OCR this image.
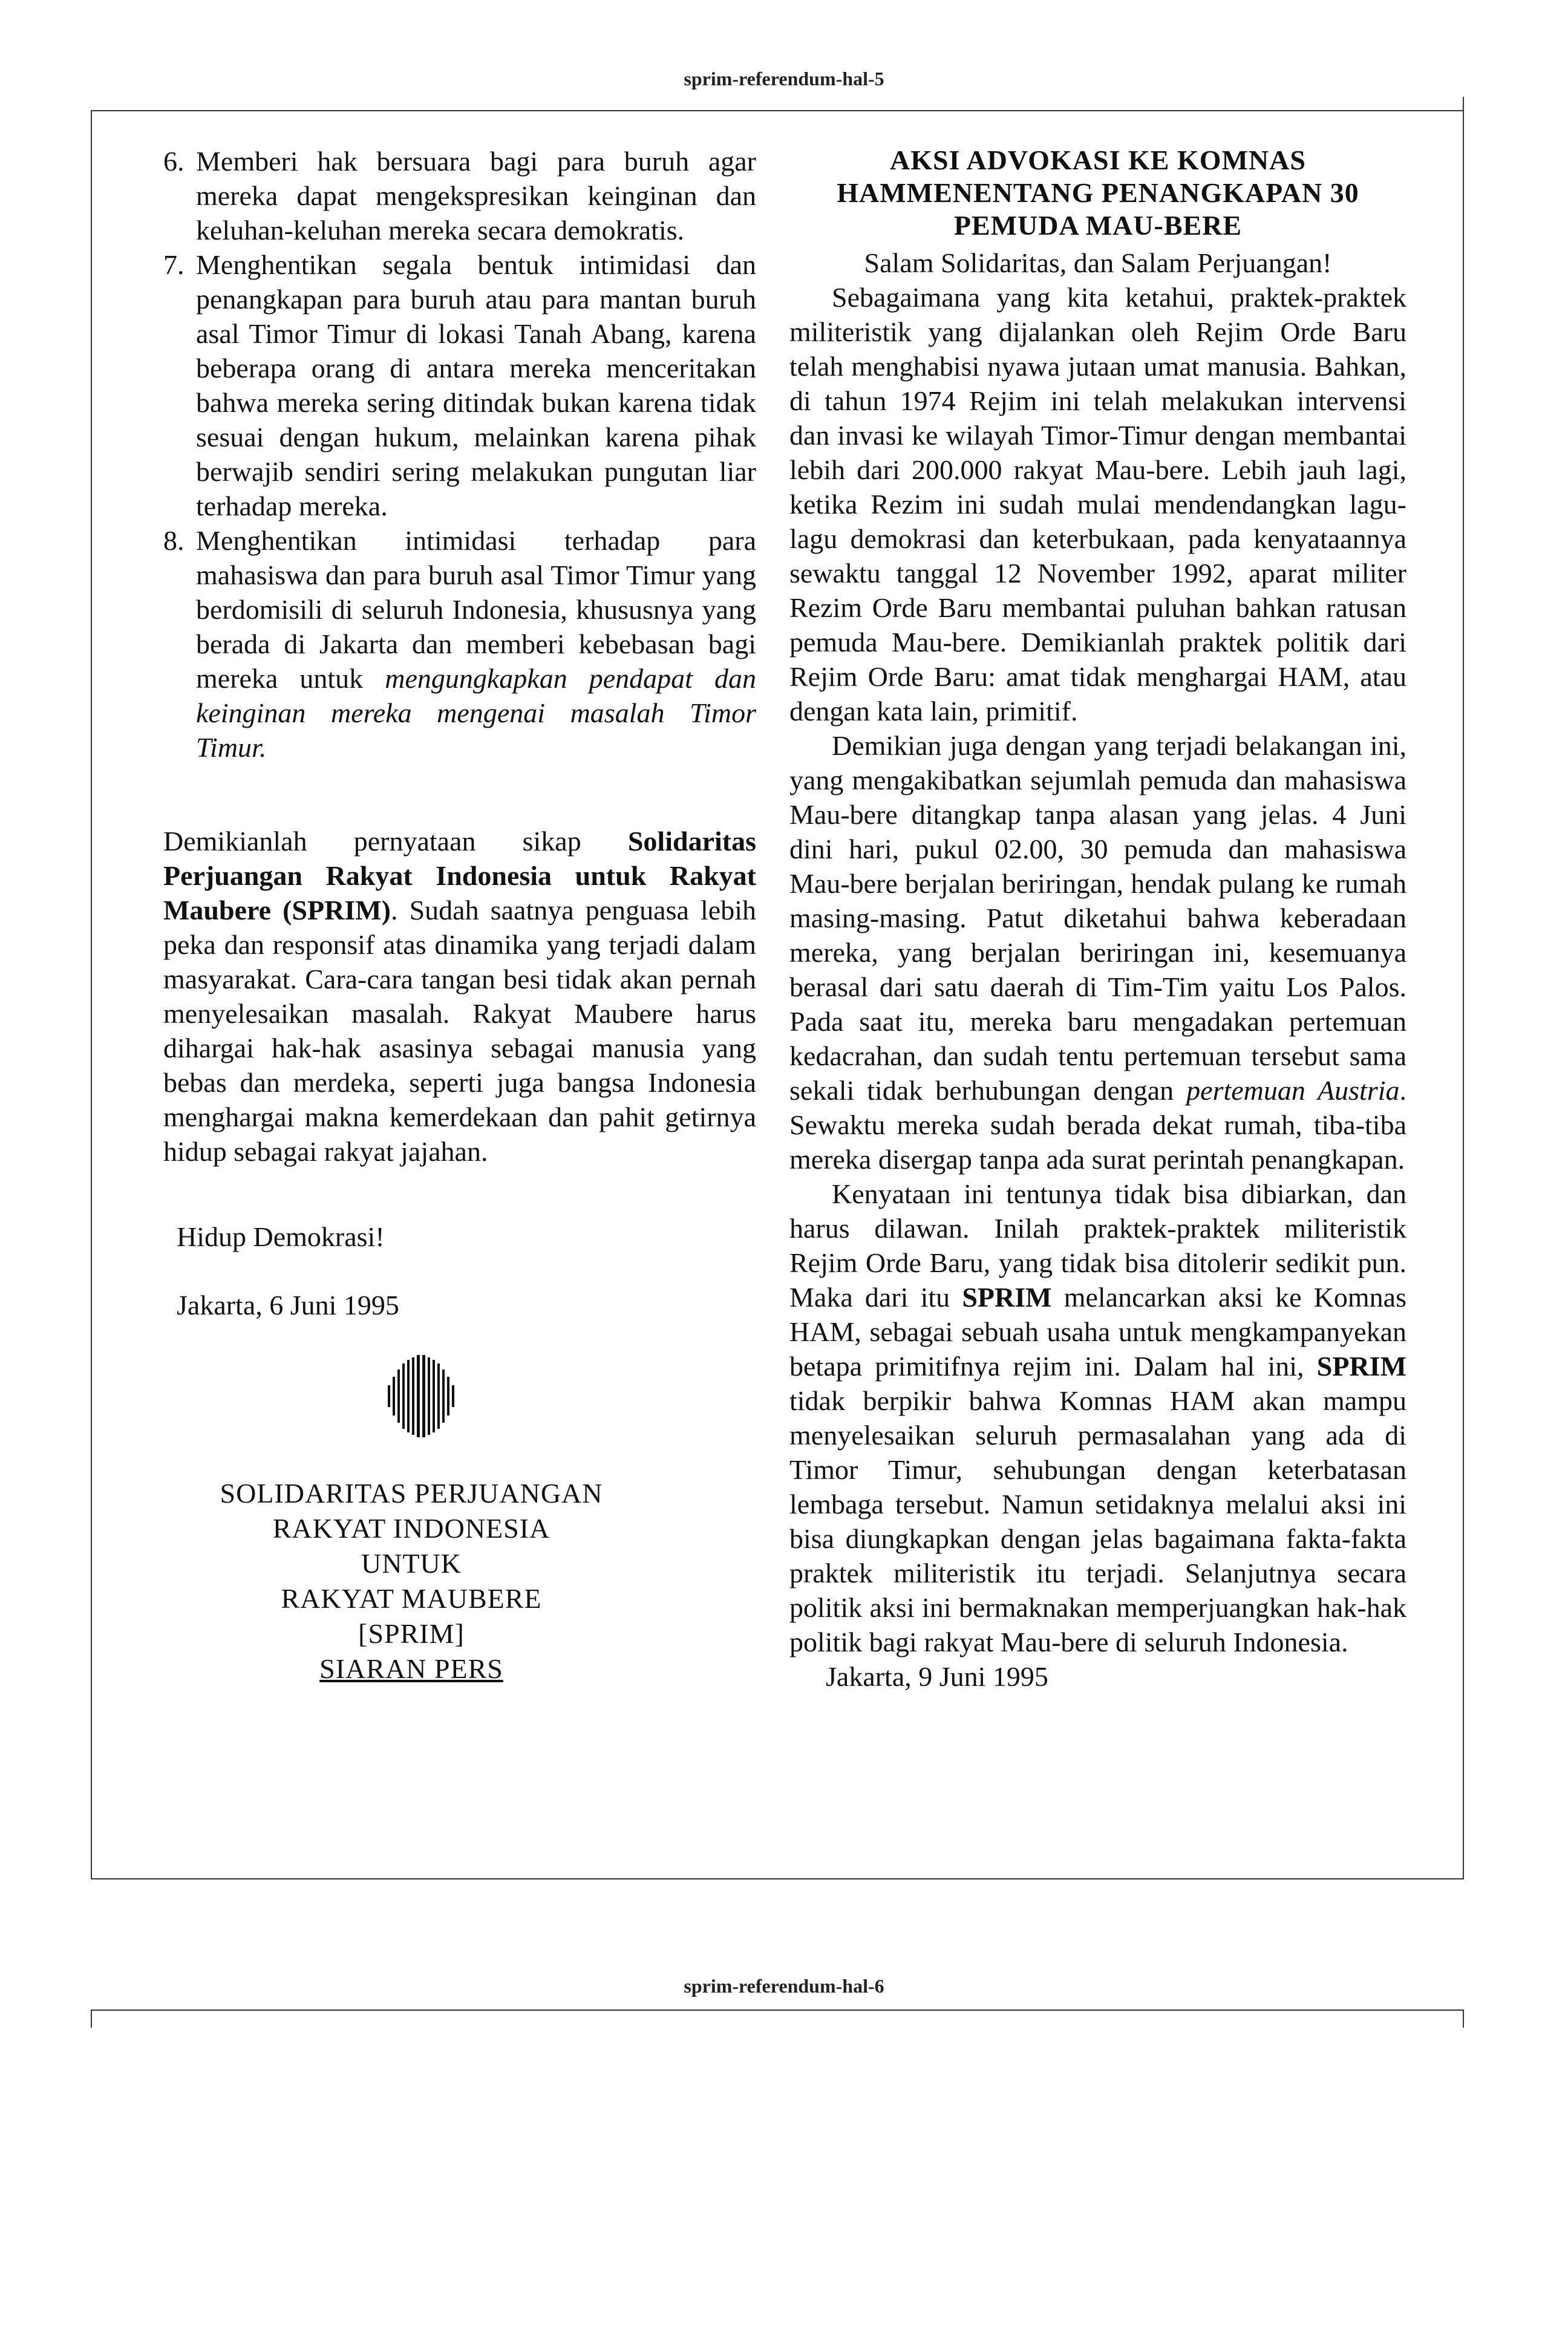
sprim-referendum-hal-5
sprim-referendum-hal-6
6. Memberi hak bersuara bagi para buruh agar mereka dapat mengekspresikan keinginan dan keluhan-keluhan mereka secara demokratis.
7. Menghentikan segala bentuk intimidasi dan penangkapan para buruh atau para mantan buruh asal Timor Timur di lokasi Tanah Abang, karena beberapa orang di antara mereka menceritakan bahwa mereka sering ditindak bukan karena tidak sesuai dengan hukum, melainkan karena pihak berwajib sendiri sering melakukan pungutan liar terhadap mereka.
8. Menghentikan intimidasi terhadap para mahasiswa dan para buruh asal Timor Timur yang berdomisili di seluruh Indonesia, khususnya yang berada di Jakarta dan memberi kebebasan bagi mereka untuk mengungkapkan pendapat dan keinginan mereka mengenai masalah Timor Timur.

Demikianlah pernyataan sikap Solidaritas Perjuangan Rakyat Indonesia untuk Rakyat Maubere (SPRIM). Sudah saatnya penguasa lebih peka dan responsif atas dinamika yang terjadi dalam masyarakat. Cara-cara tangan besi tidak akan pernah menyelesaikan masalah. Rakyat Maubere harus dihargai hak-hak asasinya sebagai manusia yang bebas dan merdeka, seperti juga bangsa Indonesia menghargai makna kemerdekaan dan pahit getirnya hidup sebagai rakyat jajahan.

Hidup Demokrasi!

Jakarta, 6 Juni 1995

SOLIDARITAS PERJUANGAN
RAKYAT INDONESIA
UNTUK
RAKYAT MAUBERE
[SPRIM]
SIARAN PERS

AKSI ADVOKASI KE KOMNAS

HAMMENENTANG PENANGKAPAN 30

PEMUDA MAU-BERE

Salam Solidaritas, dan Salam Perjuangan!

Sebagaimana yang kita ketahui, praktek-praktek militeristik yang dijalankan oleh Rejim Orde Baru telah menghabisi nyawa jutaan umat manusia. Bahkan, di tahun 1974 Rejim ini telah melakukan intervensi dan invasi ke wilayah Timor-Timur dengan membantai lebih dari 200.000 rakyat Mau-bere. Lebih jauh lagi, ketika Rezim ini sudah mulai mendendangkan lagu-lagu demokrasi dan keterbukaan, pada kenyataannya sewaktu tanggal 12 November 1992, aparat militer Rezim Orde Baru membantai puluhan bahkan ratusan pemuda Mau-bere. Demikianlah praktek politik dari Rejim Orde Baru: amat tidak menghargai HAM, atau dengan kata lain, primitif.

Demikian juga dengan yang terjadi belakangan ini, yang mengakibatkan sejumlah pemuda dan mahasiswa Mau-bere ditangkap tanpa alasan yang jelas. 4 Juni dini hari, pukul 02.00, 30 pemuda dan mahasiswa Mau-bere berjalan beriringan, hendak pulang ke rumah masing-masing. Patut diketahui bahwa keberadaan mereka, yang berjalan beriringan ini, kesemuanya berasal dari satu daerah di Tim-Tim yaitu Los Palos. Pada saat itu, mereka baru mengadakan pertemuan kedacrahan, dan sudah tentu pertemuan tersebut sama sekali tidak berhubungan dengan pertemuan Austria. Sewaktu mereka sudah berada dekat rumah, tiba-tiba mereka disergap tanpa ada surat perintah penangkapan.

Kenyataan ini tentunya tidak bisa dibiarkan, dan harus dilawan. Inilah praktek-praktek militeristik Rejim Orde Baru, yang tidak bisa ditolerir sedikit pun. Maka dari itu SPRIM melancarkan aksi ke Komnas HAM, sebagai sebuah usaha untuk mengkampanyekan betapa primitifnya rejim ini. Dalam hal ini, SPRIM tidak berpikir bahwa Komnas HAM akan mampu menyelesaikan seluruh permasalahan yang ada di Timor Timur, sehubungan dengan keterbatasan lembaga tersebut. Namun setidaknya melalui aksi ini bisa diungkapkan dengan jelas bagaimana fakta-fakta praktek militeristik itu terjadi. Selanjutnya secara politik aksi ini bermaknakan memperjuangkan hak-hak politik bagi rakyat Mau-bere di seluruh Indonesia.

Jakarta, 9 Juni 1995
